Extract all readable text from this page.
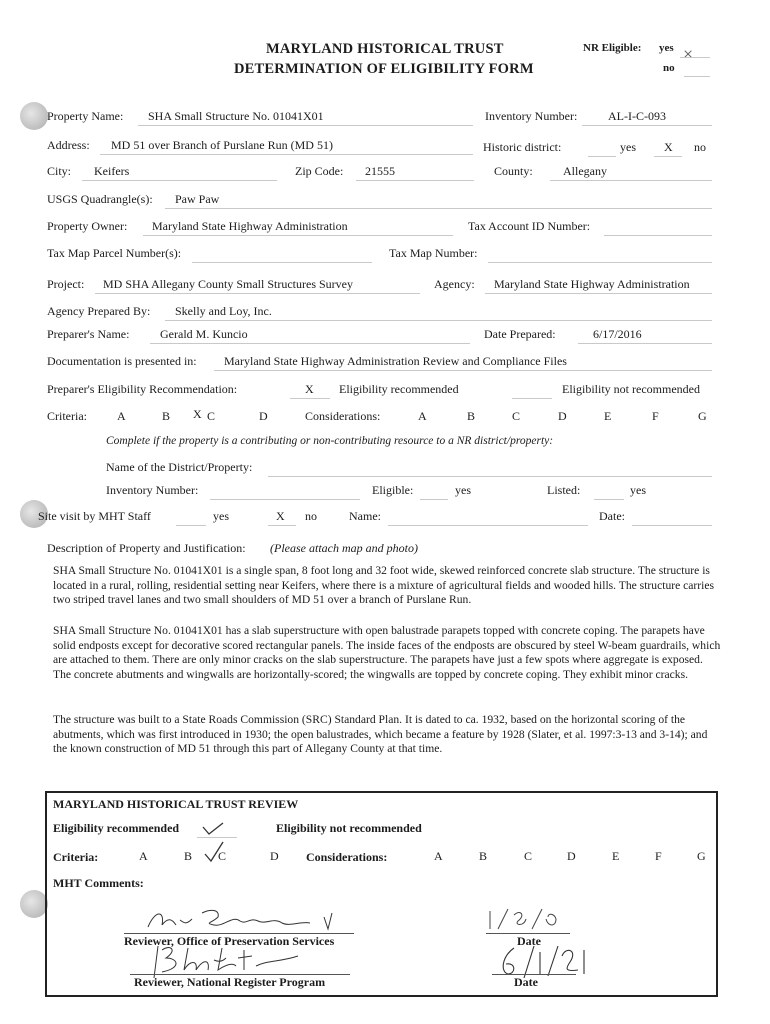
MARYLAND HISTORICAL TRUST
DETERMINATION OF ELIGIBILITY FORM
NR Eligible: yes ×
no
Property Name: SHA Small Structure No. 01041X01	Inventory Number:	AL-I-C-093
Address: MD 51 over Branch of Purslane Run (MD 51)	Historic district:	yes X no
City: Keifers	Zip Code: 21555	County:	Allegany
USGS Quadrangle(s): Paw Paw
Property Owner: Maryland State Highway Administration	Tax Account ID Number:
Tax Map Parcel Number(s):	Tax Map Number:
Project: MD SHA Allegany County Small Structures Survey	Agency: Maryland State Highway Administration
Agency Prepared By: Skelly and Loy, Inc.
Preparer's Name:	Gerald M. Kuncio	Date Prepared:	6/17/2016
Documentation is presented in: Maryland State Highway Administration Review and Compliance Files
Preparer's Eligibility Recommendation:	X Eligibility recommended	Eligibility not recommended
Criteria:	A	B X C	D	Considerations:	A	B	C	D	E	F	G
Complete if the property is a contributing or non-contributing resource to a NR district/property:
Name of the District/Property:
Inventory Number:	Eligible:	yes	Listed:	yes
Site visit by MHT Staff	yes	X no	Name:	Date:
Description of Property and Justification: (Please attach map and photo)
SHA Small Structure No. 01041X01 is a single span, 8 foot long and 32 foot wide, skewed reinforced concrete slab structure. The structure is located in a rural, rolling, residential setting near Keifers, where there is a mixture of agricultural fields and wooded hills. The structure carries two striped travel lanes and two small shoulders of MD 51 over a branch of Purslane Run.
SHA Small Structure No. 01041X01 has a slab superstructure with open balustrade parapets topped with concrete coping. The parapets have solid endposts except for decorative scored rectangular panels. The inside faces of the endposts are obscured by steel W-beam guardrails, which are attached to them. There are only minor cracks on the slab superstructure. The parapets have just a few spots where aggregate is exposed. The concrete abutments and wingwalls are horizontally-scored; the wingwalls are topped by concrete coping. They exhibit minor cracks.
The structure was built to a State Roads Commission (SRC) Standard Plan. It is dated to ca. 1932, based on the horizontal scoring of the abutments, which was first introduced in 1930; the open balustrades, which became a feature by 1928 (Slater, et al. 1997:3-13 and 3-14); and the known construction of MD 51 through this part of Allegany County at that time.
MARYLAND HISTORICAL TRUST REVIEW
Eligibility recommended	Eligibility not recommended
Criteria:	A	B C	D Considerations:	A	B	C	D	E	F	G
MHT Comments:
Reviewer, Office of Preservation Services	Date
Reviewer, National Register Program	Date
